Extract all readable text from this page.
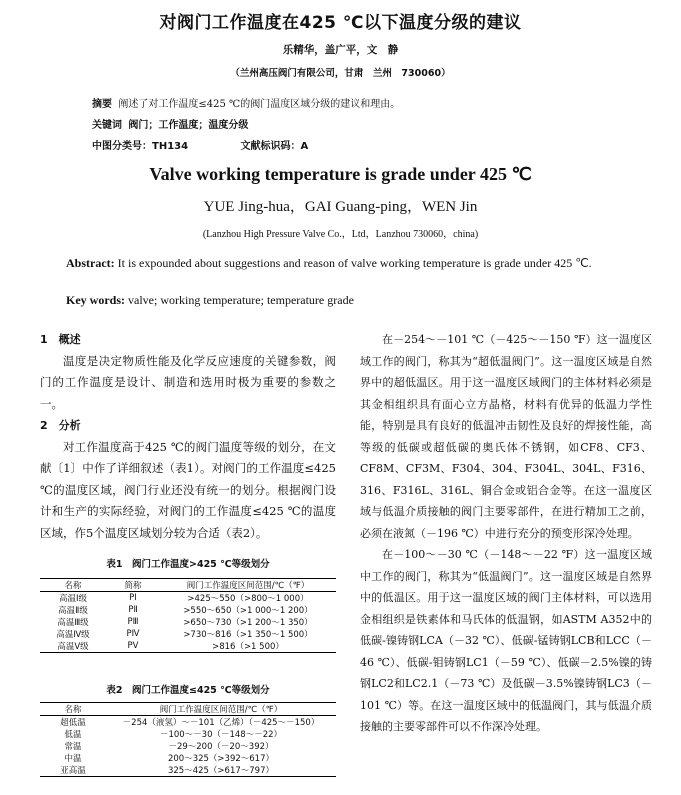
对阀门工作温度在425 ℃以下温度分级的建议
乐精华，盖广平，文　静
（兰州高压阀门有限公司，甘肃　兰州　730060）
摘要 阐述了对工作温度≤425 ℃的阀门温度区域分级的建议和理由。
关键词 阀门；工作温度；温度分级
中图分类号：TH134	文献标识码：A
Valve working temperature is grade under 425 ℃
YUE Jing-hua，GAI Guang-ping，WEN Jin
(Lanzhou High Pressure Valve Co.，Ltd，Lanzhou 730060，china)
Abstract: It is expounded about suggestions and reason of valve working temperature is grade under 425 ℃.
Key words: valve; working temperature; temperature grade
1　概述

温度是决定物质性能及化学反应速度的关键参数，阀门的工作温度是设计、制造和选用时极为重要的参数之一。

2　分析

对工作温度高于425 ℃的阀门温度等级的划分，在文献〔1〕中作了详细叙述（表1）。对阀门的工作温度≤425 ℃的温度区域，阀门行业还没有统一的划分。根据阀门设计和生产的实际经验，对阀门的工作温度≤425 ℃的温度区域，作5个温度区域划分较为合适（表2）。

表1　阀门工作温度>425 ℃等级划分
名称	简称	阀门工作温度区间范围/℃（℉）
高温Ⅰ级	PⅠ	>425～550（>800～1 000）
高温Ⅱ级	PⅡ	>550～650（>1 000～1 200）
高温Ⅲ级	PⅢ	>650～730（>1 200～1 350）
高温Ⅳ级	PⅣ	>730～816（>1 350～1 500）
高温Ⅴ级	PⅤ	>816（>1 500）
表2　阀门工作温度≤425 ℃等级划分
名称	阀门工作温度区间范围/℃（℉）
超低温	－254（液氢）～－101（乙烯）（－425～－150）
低温	－100～－30（－148～－22）
常温	－29～200（－20～392）
中温	200～325（>392～617）
亚高温	325～425（>617～797）

在－254～－101 ℃（－425～－150 ℉）这一温度区域工作的阀门，称其为“超低温阀门”。这一温度区域是自然界中的超低温区。用于这一温度区域阀门的主体材料必须是其金相组织具有面心立方晶格，材料有优异的低温力学性能，特别是具有良好的低温冲击韧性及良好的焊接性能，高等级的低碳或超低碳的奥氏体不锈钢，如CF8、CF3、CF8M、CF3M、F304、304、F304L、304L、F316、316、F316L、316L、铜合金或铝合金等。在这一温度区域与低温介质接触的阀门主要零部件，在进行精加工之前，必须在液氮（－196 ℃）中进行充分的预变形深冷处理。

在－100～－30 ℃（－148～－22 ℉）这一温度区域中工作的阀门，称其为“低温阀门”。这一温度区域是自然界中的低温区。用于这一温度区域的阀门主体材料，可以选用金相组织是铁素体和马氏体的低温钢，如ASTM A352中的低碳-镍铸钢LCA（－32 ℃）、低碳-锰铸钢LCB和LCC（－46 ℃）、低碳-钼铸钢LC1（－59 ℃）、低碳－2.5%镍的铸钢LC2和LC2.1（－73 ℃）及低碳－3.5%镍铸钢LC3（－101 ℃）等。在这一温度区域中的低温阀门，其与低温介质接触的主要零部件可以不作深冷处理。
